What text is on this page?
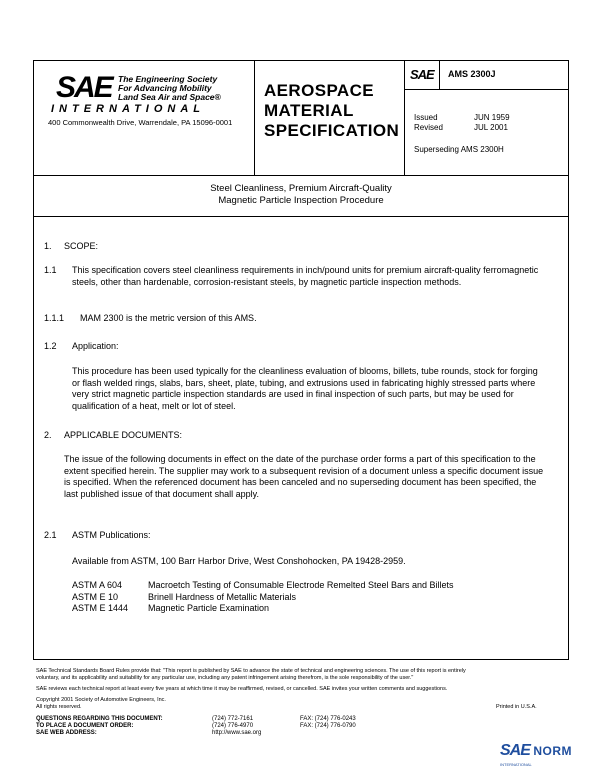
SAE The Engineering Society
For Advancing Mobility
Land Sea Air and Space®
INTERNATIONAL
400 Commonwealth Drive, Warrendale, PA 15096-0001
AEROSPACE
MATERIAL
SPECIFICATION
SAE AMS 2300J
Issued	JUN 1959
Revised	JUL 2001
Superseding AMS 2300H
Steel Cleanliness, Premium Aircraft-Quality
Magnetic Particle Inspection Procedure
1. SCOPE:
1.1 This specification covers steel cleanliness requirements in inch/pound units for premium aircraft-quality ferromagnetic steels, other than hardenable, corrosion-resistant steels, by magnetic particle inspection methods.
1.1.1 MAM 2300 is the metric version of this AMS.
1.2 Application:
This procedure has been used typically for the cleanliness evaluation of blooms, billets, tube rounds, stock for forging or flash welded rings, slabs, bars, sheet, plate, tubing, and extrusions used in fabricating highly stressed parts where very strict magnetic particle inspection standards are used in final inspection of such parts, but may be used for qualification of a heat, melt or lot of steel.
2. APPLICABLE DOCUMENTS:
The issue of the following documents in effect on the date of the purchase order forms a part of this specification to the extent specified herein. The supplier may work to a subsequent revision of a document unless a specific document issue is specified. When the referenced document has been canceled and no superseding document has been specified, the last published issue of that document shall apply.
2.1 ASTM Publications:
Available from ASTM, 100 Barr Harbor Drive, West Conshohocken, PA 19428-2959.
ASTM A 604	Macroetch Testing of Consumable Electrode Remelted Steel Bars and Billets
ASTM E 10	Brinell Hardness of Metallic Materials
ASTM E 1444	Magnetic Particle Examination
SAE Technical Standards Board Rules provide that: "This report is published by SAE to advance the state of technical and engineering sciences. The use of this report is entirely
voluntary, and its applicability and suitability for any particular use, including any patent infringement arising therefrom, is the sole responsibility of the user."
SAE reviews each technical report at least every five years at which time it may be reaffirmed, revised, or cancelled. SAE invites your written comments and suggestions.
Copyright 2001 Society of Automotive Engineers, Inc.
All rights reserved.	Printed in U.S.A.
QUESTIONS REGARDING THIS DOCUMENT:	(724) 772-7161	FAX: (724) 776-0243
TO PLACE A DOCUMENT ORDER:	(724) 776-4970	FAX: (724) 776-0790
SAE WEB ADDRESS:	http://www.sae.org
SAE NORM
INTERNATIONAL
